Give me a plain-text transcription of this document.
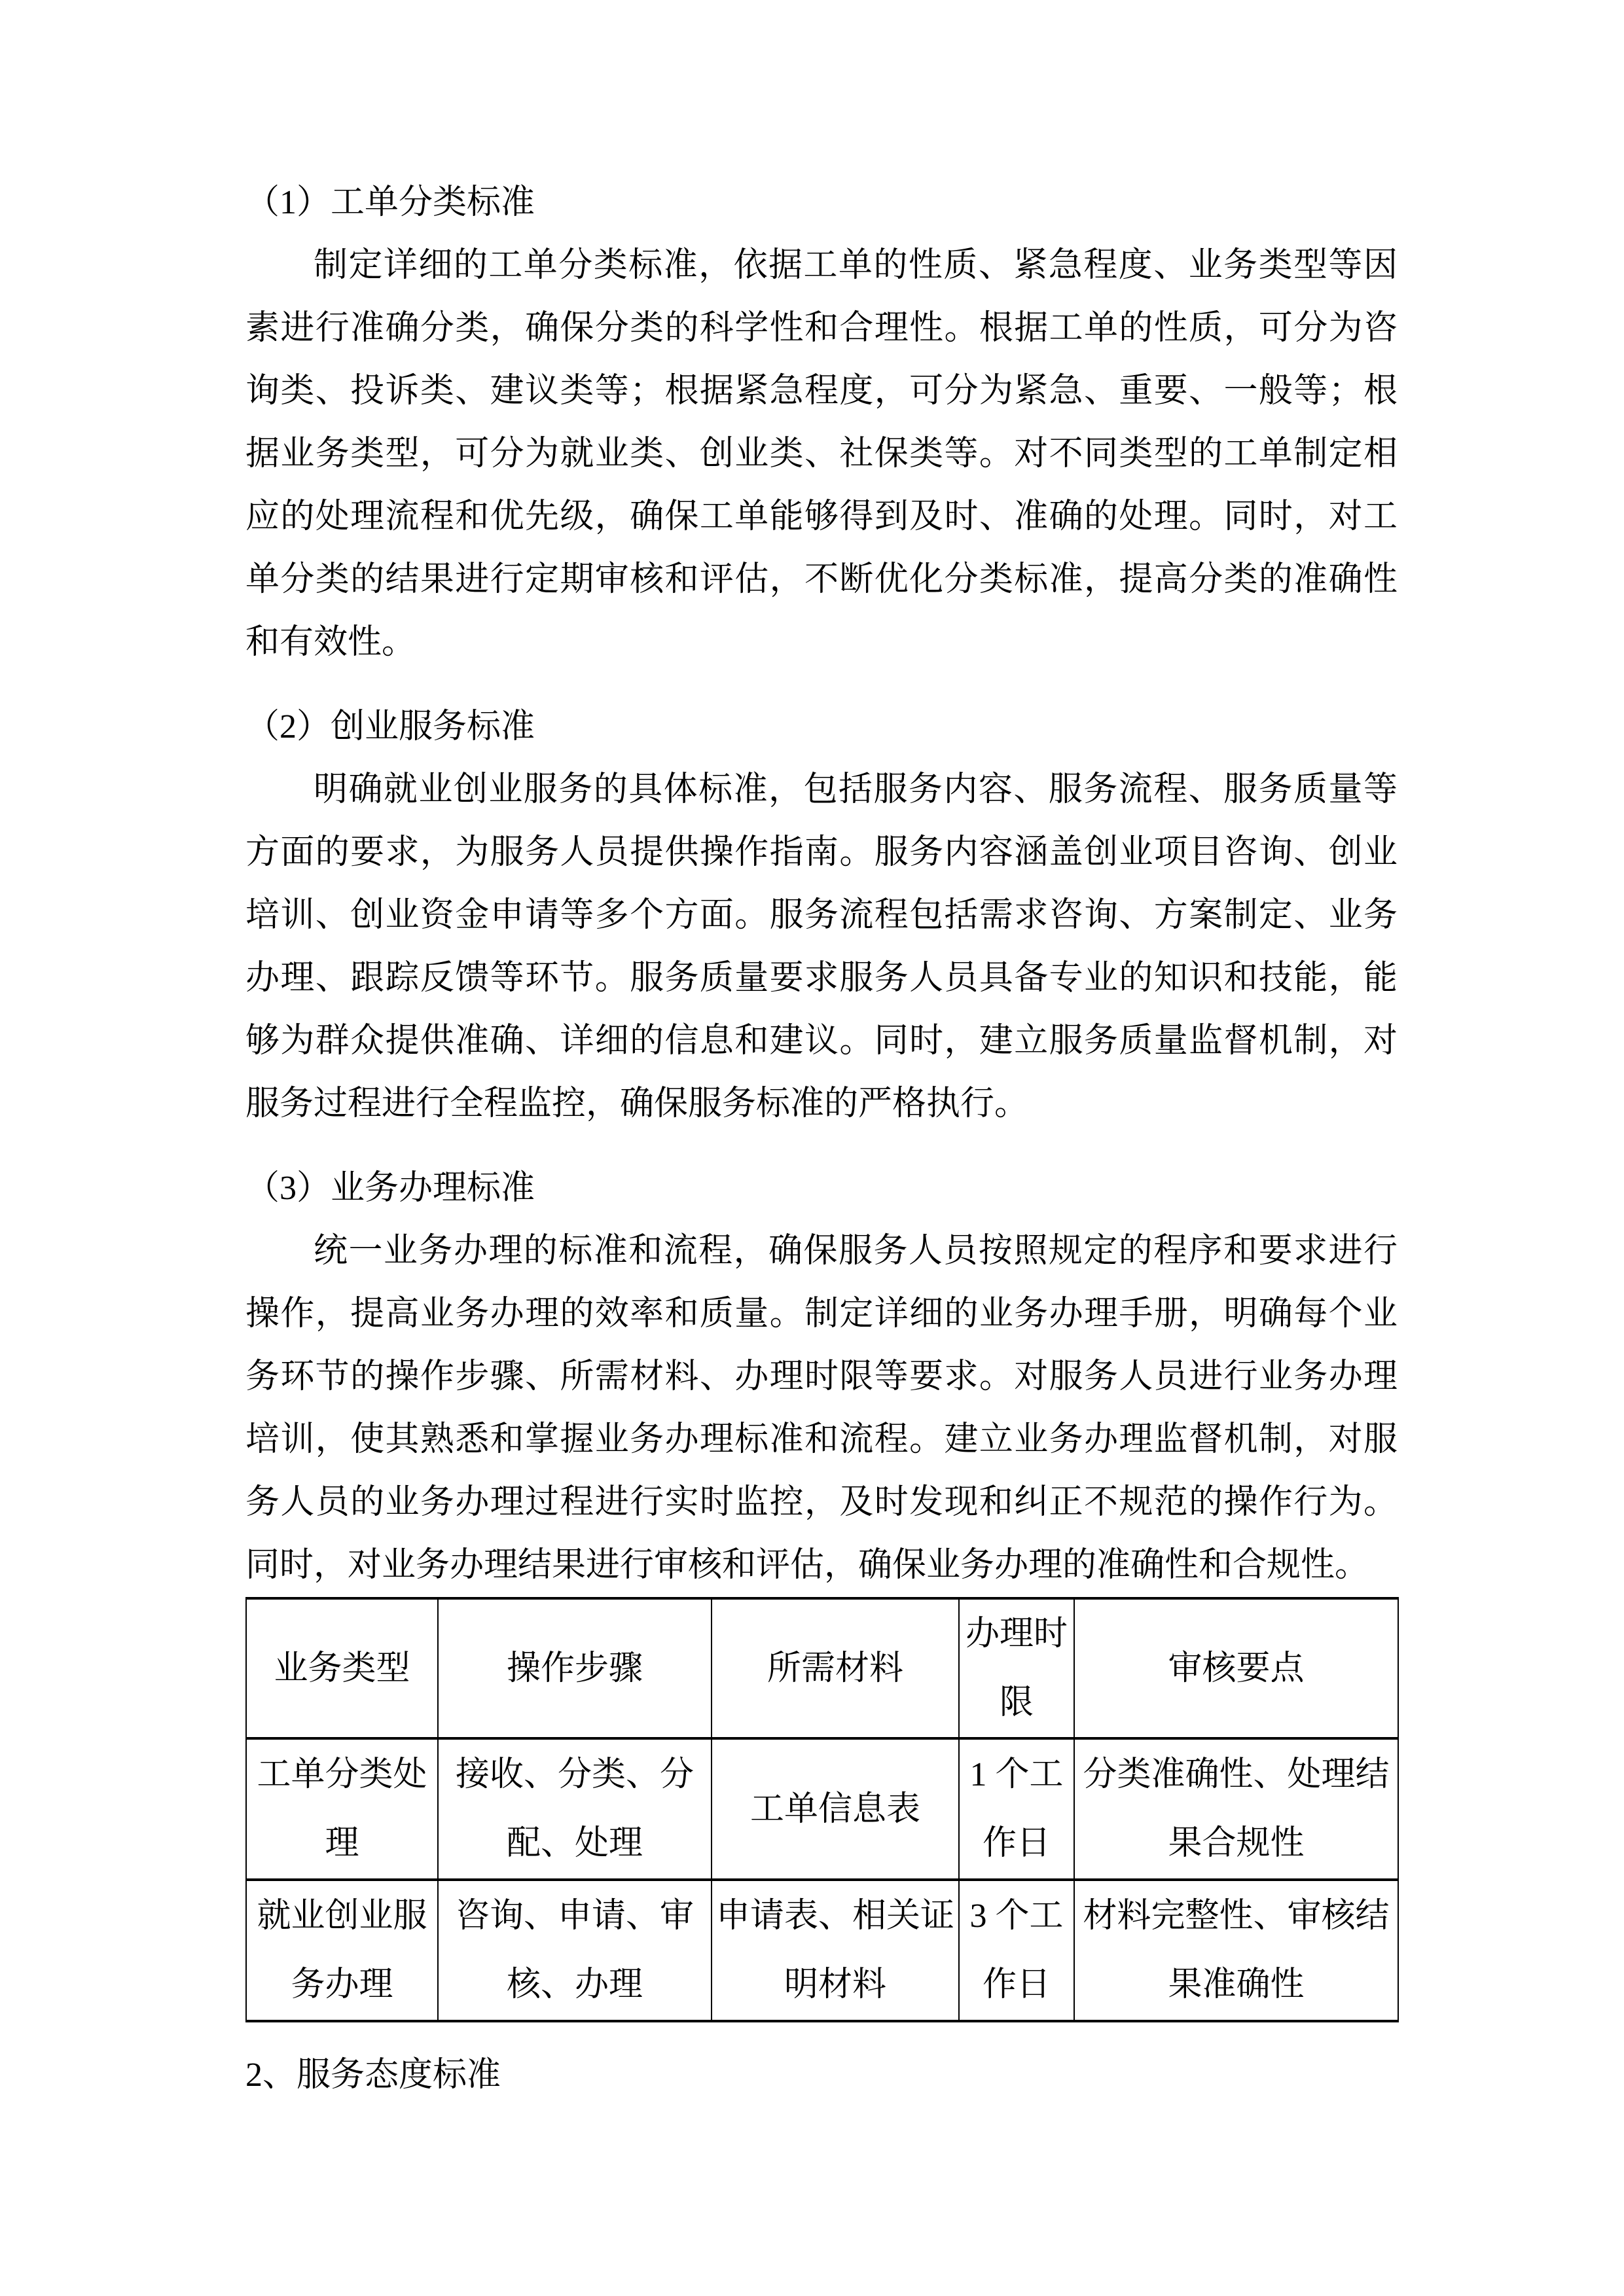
（1）工单分类标准

制定详细的工单分类标准，依据工单的性质、紧急程度、业务类型等因素进行准确分类，确保分类的科学性和合理性。根据工单的性质，可分为咨询类、投诉类、建议类等；根据紧急程度，可分为紧急、重要、一般等；根据业务类型，可分为就业类、创业类、社保类等。对不同类型的工单制定相应的处理流程和优先级，确保工单能够得到及时、准确的处理。同时，对工单分类的结果进行定期审核和评估，不断优化分类标准，提高分类的准确性和有效性。

（2）创业服务标准

明确就业创业服务的具体标准，包括服务内容、服务流程、服务质量等方面的要求，为服务人员提供操作指南。服务内容涵盖创业项目咨询、创业培训、创业资金申请等多个方面。服务流程包括需求咨询、方案制定、业务办理、跟踪反馈等环节。服务质量要求服务人员具备专业的知识和技能，能够为群众提供准确、详细的信息和建议。同时，建立服务质量监督机制，对服务过程进行全程监控，确保服务标准的严格执行。

（3）业务办理标准

统一业务办理的标准和流程，确保服务人员按照规定的程序和要求进行操作，提高业务办理的效率和质量。制定详细的业务办理手册，明确每个业务环节的操作步骤、所需材料、办理时限等要求。对服务人员进行业务办理培训，使其熟悉和掌握业务办理标准和流程。建立业务办理监督机制，对服务人员的业务办理过程进行实时监控，及时发现和纠正不规范的操作行为。同时，对业务办理结果进行审核和评估，确保业务办理的准确性和合规性。

业务类型	操作步骤	所需材料	办理时限	审核要点
工单分类处理	接收、分类、分配、处理	工单信息表	1 个工作日	分类准确性、处理结果合规性
就业创业服务办理	咨询、申请、审核、办理	申请表、相关证明材料	3 个工作日	材料完整性、审核结果准确性
2、服务态度标准
